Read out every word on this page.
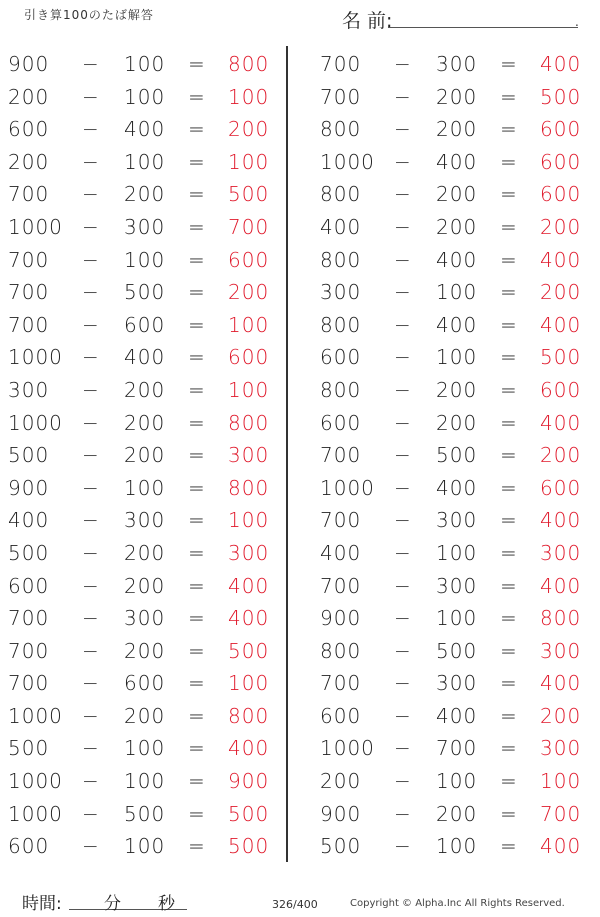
引き算100のたば解答	名 前:	.
900	− 100 = 800
200	− 100 = 100
600	− 400 = 200
200	− 100 = 100
700	− 200 = 500
1000 − 300 = 700
700	− 100 = 600
700	− 500 = 200
700	− 600 = 100
1000 − 400 = 600
300	− 200 = 100
1000 − 200 = 800
500	− 200 = 300
900	− 100 = 800
400	− 300 = 100
500	− 200 = 300
600	− 200 = 400
700	− 300 = 400
700	− 200 = 500
700	− 600 = 100
1000 − 200 = 800
500	− 100 = 400
1000 − 100 = 900
1000 − 500 = 500
600	− 100 = 500
700	− 300 = 400
700	− 200 = 500
800	− 200 = 600
1000 − 400 = 600
800	− 200 = 600
400	− 200 = 200
800	− 400 = 400
300	− 100 = 200
800	− 400 = 400
600	− 100 = 500
800	− 200 = 600
600	− 200 = 400
700	− 500 = 200
1000 − 400 = 600
700	− 300 = 400
400	− 100 = 300
700	− 300 = 400
900	− 100 = 800
800	− 500 = 300
700	− 300 = 400
600	− 400 = 200
1000 − 700 = 300
200	− 100 = 100
900	− 200 = 700
500	− 100 = 400
時間: 分 秒	326/400	Copyright © Alpha.Inc All Rights Reserved.
